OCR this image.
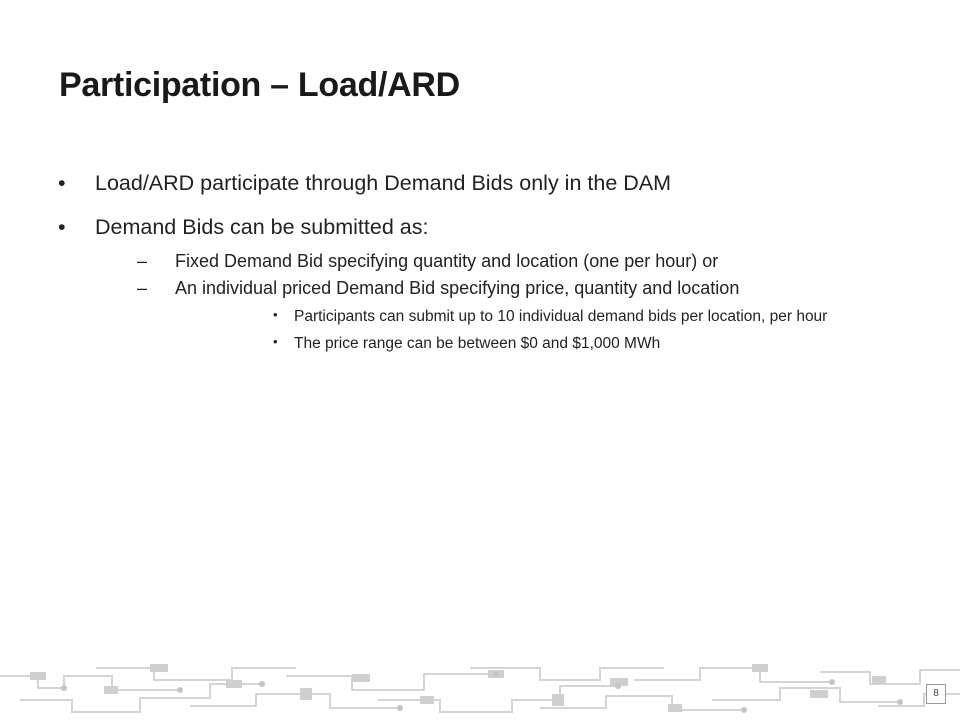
Participation – Load/ARD
• Load/ARD participate through Demand Bids only in the DAM
• Demand Bids can be submitted as:
– Fixed Demand Bid specifying quantity and location (one per hour) or
– An individual priced Demand Bid specifying price, quantity and location
• Participants can submit up to 10 individual demand bids per location, per hour
• The price range can be between $0 and $1,000 MWh
8
